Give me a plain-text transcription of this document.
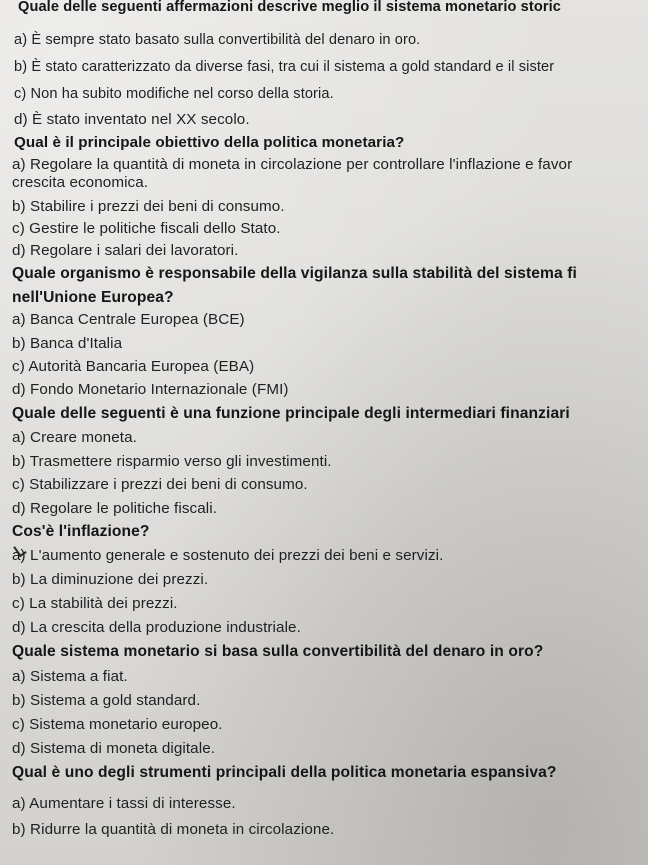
Quale delle seguenti affermazioni descrive meglio il sistema monetario storic
a) È sempre stato basato sulla convertibilità del denaro in oro.
b) È stato caratterizzato da diverse fasi, tra cui il sistema a gold standard e il sister
c) Non ha subito modifiche nel corso della storia.
d) È stato inventato nel XX secolo.
Qual è il principale obiettivo della politica monetaria?
a) Regolare la quantità di moneta in circolazione per controllare l'inflazione e favor
crescita economica.
b) Stabilire i prezzi dei beni di consumo.
c) Gestire le politiche fiscali dello Stato.
d) Regolare i salari dei lavoratori.
Quale organismo è responsabile della vigilanza sulla stabilità del sistema fi
nell'Unione Europea?
a) Banca Centrale Europea (BCE)
b) Banca d'Italia
c) Autorità Bancaria Europea (EBA)
d) Fondo Monetario Internazionale (FMI)
Quale delle seguenti è una funzione principale degli intermediari finanziari
a) Creare moneta.
b) Trasmettere risparmio verso gli investimenti.
c) Stabilizzare i prezzi dei beni di consumo.
d) Regolare le politiche fiscali.
Cos'è l'inflazione?
a) L'aumento generale e sostenuto dei prezzi dei beni e servizi.
b) La diminuzione dei prezzi.
c) La stabilità dei prezzi.
d) La crescita della produzione industriale.
Quale sistema monetario si basa sulla convertibilità del denaro in oro?
a) Sistema a fiat.
b) Sistema a gold standard.
c) Sistema monetario europeo.
d) Sistema di moneta digitale.
Qual è uno degli strumenti principali della politica monetaria espansiva?
a) Aumentare i tassi di interesse.
b) Ridurre la quantità di moneta in circolazione.
